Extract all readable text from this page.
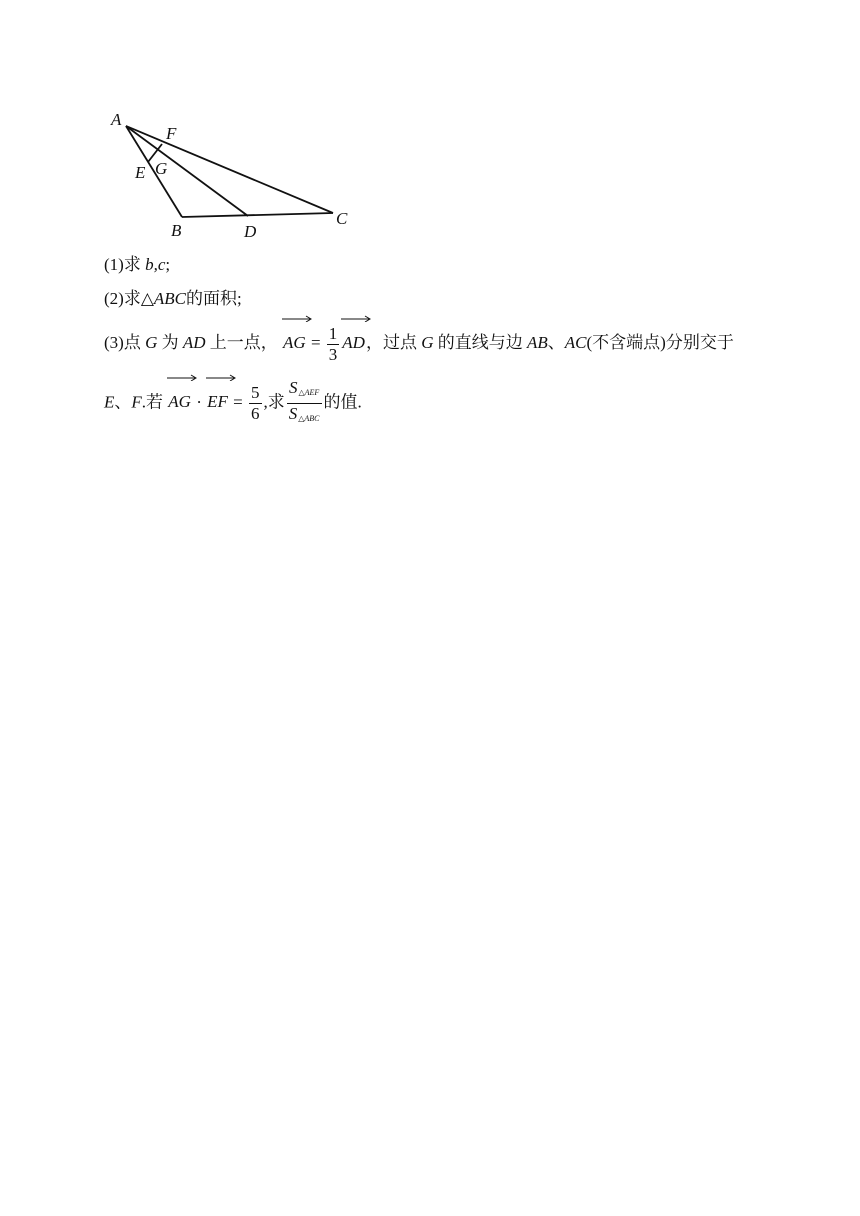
A
F
G
E
B	D
C
(1)求 b,c;
(2)求△ABC的面积;
(3)点 G 为 AD 上一点， AG = $\frac{1}{3}$ AD，过点 G 的直线与边 AB、AC(不含端点)分别交于
E、F.若
AG ·
EF = $\frac{5}{6}$ ,求 $\frac{S_{\triangle AEF}}{S_{\triangle ABC}}$ 的值.
